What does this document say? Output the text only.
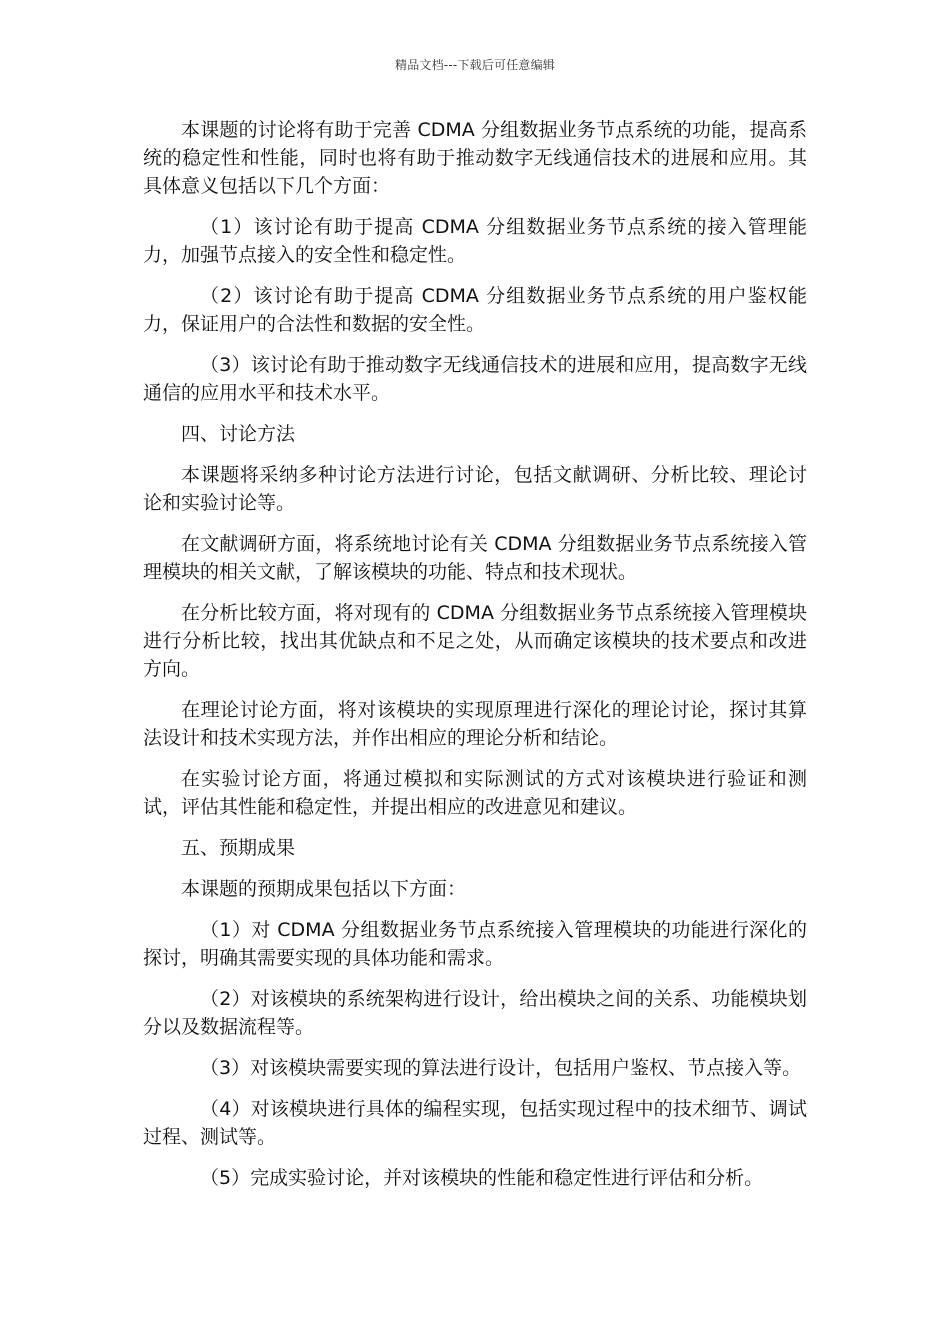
精品文档---下载后可任意编辑

本课题的讨论将有助于完善 CDMA 分组数据业务节点系统的功能，提高系统的稳定性和性能，同时也将有助于推动数字无线通信技术的进展和应用。其具体意义包括以下几个方面：

（1）该讨论有助于提高 CDMA 分组数据业务节点系统的接入管理能力，加强节点接入的安全性和稳定性。

（2）该讨论有助于提高 CDMA 分组数据业务节点系统的用户鉴权能力，保证用户的合法性和数据的安全性。

（3）该讨论有助于推动数字无线通信技术的进展和应用，提高数字无线通信的应用水平和技术水平。

四、讨论方法

本课题将采纳多种讨论方法进行讨论，包括文献调研、分析比较、理论讨论和实验讨论等。

在文献调研方面，将系统地讨论有关 CDMA 分组数据业务节点系统接入管理模块的相关文献，了解该模块的功能、特点和技术现状。

在分析比较方面，将对现有的 CDMA 分组数据业务节点系统接入管理模块进行分析比较，找出其优缺点和不足之处，从而确定该模块的技术要点和改进方向。

在理论讨论方面，将对该模块的实现原理进行深化的理论讨论，探讨其算法设计和技术实现方法，并作出相应的理论分析和结论。

在实验讨论方面，将通过模拟和实际测试的方式对该模块进行验证和测试，评估其性能和稳定性，并提出相应的改进意见和建议。

五、预期成果

本课题的预期成果包括以下方面：

（1）对 CDMA 分组数据业务节点系统接入管理模块的功能进行深化的探讨，明确其需要实现的具体功能和需求。

（2）对该模块的系统架构进行设计，给出模块之间的关系、功能模块划分以及数据流程等。

（3）对该模块需要实现的算法进行设计，包括用户鉴权、节点接入等。

（4）对该模块进行具体的编程实现，包括实现过程中的技术细节、调试过程、测试等。

（5）完成实验讨论，并对该模块的性能和稳定性进行评估和分析。
